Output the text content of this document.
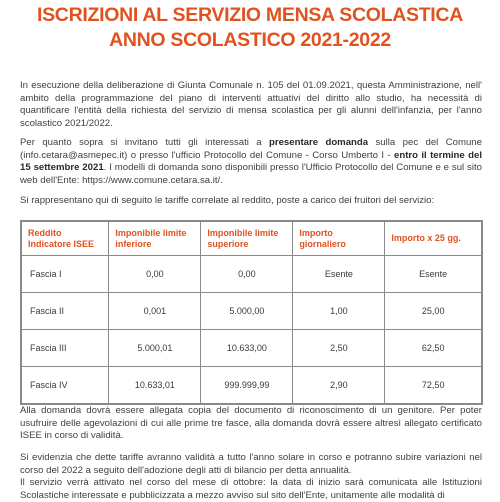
ISCRIZIONI AL SERVIZIO MENSA SCOLASTICA
ANNO SCOLASTICO 2021-2022
In esecuzione della deliberazione di Giunta Comunale n. 105 del 01.09.2021, questa Amministrazione, nell' ambito della programmazione del piano di interventi attuativi del diritto allo studio, ha necessità di quantificare l'entità della richiesta del servizio di mensa scolastica per gli alunni dell'infanzia, per l'anno scolastico 2021/2022.
Per quanto sopra si invitano tutti gli interessati a presentare domanda sulla pec del Comune (info.cetara@asmepec.it) o presso l'ufficio Protocollo del Comune - Corso Umberto I - entro il termine del 15 settembre 2021. I modelli di domanda sono disponibili presso l'Ufficio Protocollo del Comune e e sul sito web dell'Ente: https://www.comune.cetara.sa.it/.
Si rappresentano qui di seguito le tariffe correlate al reddito, poste a carico dei fruitori del servizio:
Reddito Indicatore ISEE	Imponibile limite inferiore	Imponibile limite superiore	Importo giornaliero	Importo x 25 gg.
Fascia I	0,00	0,00	Esente	Esente
Fascia II	0,001	5.000,00	1,00	25,00
Fascia III	5.000,01	10.633,00	2,50	62,50
Fascia IV	10.633,01	999.999,99	2,90	72,50
Alla domanda dovrà essere allegata copia del documento di riconoscimento di un genitore. Per poter usufruire delle agevolazioni di cui alle prime tre fasce, alla domanda dovrà essere altresì allegato certificato ISEE in corso di validità.
Si evidenzia che dette tariffe avranno validità a tutto l'anno solare in corso e potranno subire variazioni nel corso del 2022 a seguito dell'adozione degli atti di bilancio per detta annualità.
Il servizio verrà attivato nel corso del mese di ottobre: la data di inizio sarà comunicata alle Istituzioni Scolastiche interessate e pubblicizzata a mezzo avviso sul sito dell'Ente, unitamente alle modalità di
